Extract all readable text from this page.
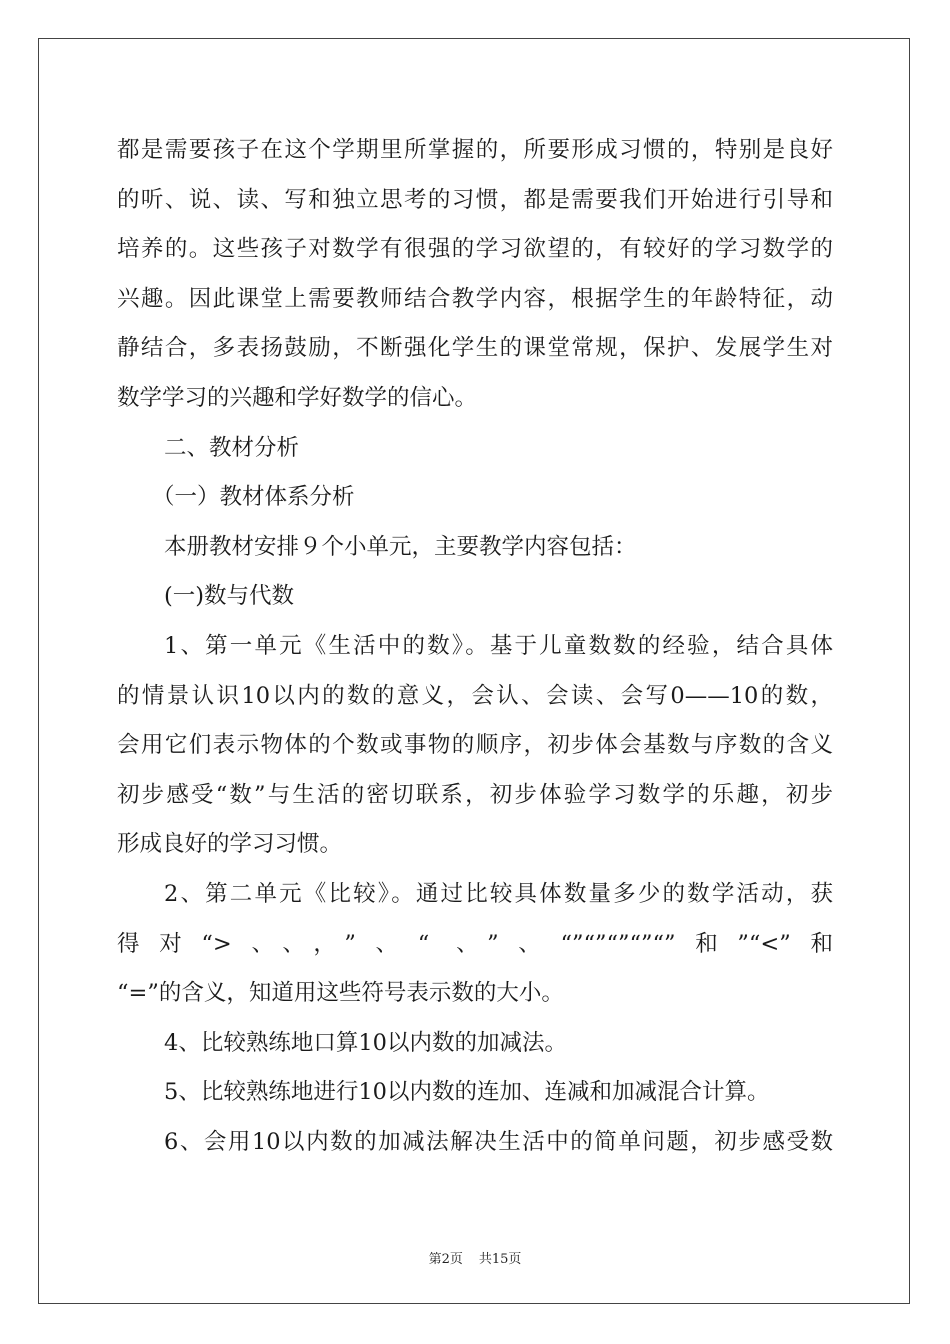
都是需要孩子在这个学期里所掌握的，所要形成习惯的，特别是良好
的听、说、读、写和独立思考的习惯，都是需要我们开始进行引导和
培养的。这些孩子对数学有很强的学习欲望的，有较好的学习数学的
兴趣。因此课堂上需要教师结合教学内容，根据学生的年龄特征，动
静结合，多表扬鼓励，不断强化学生的课堂常规，保护、发展学生对
数学学习的兴趣和学好数学的信心。
二、教材分析
（一）教材体系分析
本册教材安排９个小单元，主要教学内容包括：
(一)数与代数
1、第一单元《生活中的数》。基于儿童数数的经验，结合具体
的情景认识10以内的数的意义，会认、会读、会写0——10的数，
会用它们表示物体的个数或事物的顺序，初步体会基数与序数的含义
初步感受“数”与生活的密切联系，初步体验学习数学的乐趣，初步
形成良好的学习习惯。
2、第二单元《比较》。通过比较具体数量多少的数学活动，获
得对“>、、，”、“ 、”、“”“”“”“”“”和”“<”和
“=”的含义，知道用这些符号表示数的大小。
4、比较熟练地口算10以内数的加减法。
5、比较熟练地进行10以内数的连加、连减和加减混合计算。
6、会用10以内数的加减法解决生活中的简单问题，初步感受数
第2页 共15页
